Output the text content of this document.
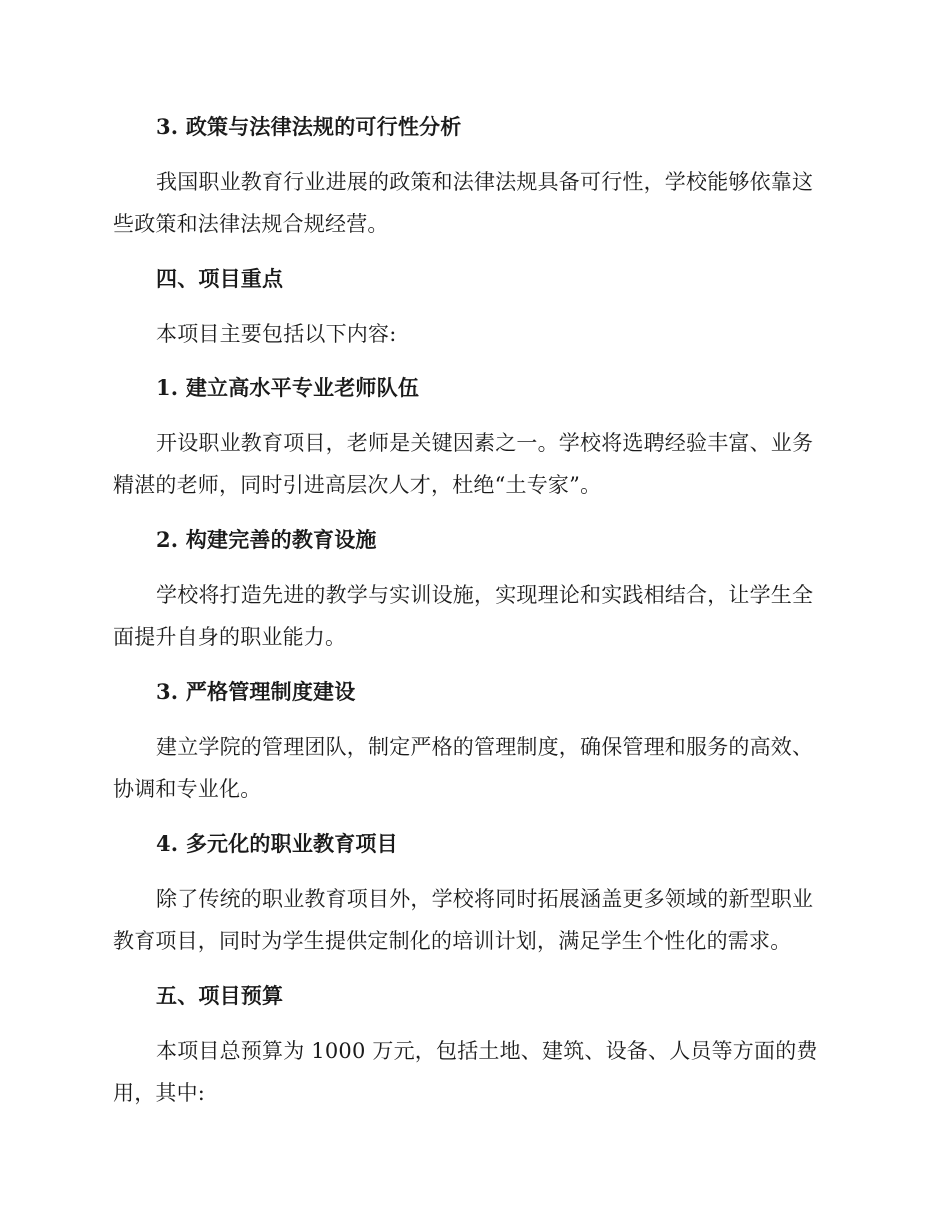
3. 政策与法律法规的可行性分析
我国职业教育行业进展的政策和法律法规具备可行性，学校能够依靠这
些政策和法律法规合规经营。
四、项目重点
本项目主要包括以下内容:
1. 建立高水平专业老师队伍
开设职业教育项目，老师是关键因素之一。学校将选聘经验丰富、业务
精湛的老师，同时引进高层次人才，杜绝“土专家”。
2. 构建完善的教育设施
学校将打造先进的教学与实训设施，实现理论和实践相结合，让学生全
面提升自身的职业能力。
3. 严格管理制度建设
建立学院的管理团队，制定严格的管理制度，确保管理和服务的高效、
协调和专业化。
4. 多元化的职业教育项目
除了传统的职业教育项目外，学校将同时拓展涵盖更多领域的新型职业
教育项目，同时为学生提供定制化的培训计划，满足学生个性化的需求。
五、项目预算
本项目总预算为 1000 万元，包括土地、建筑、设备、人员等方面的费
用，其中:
